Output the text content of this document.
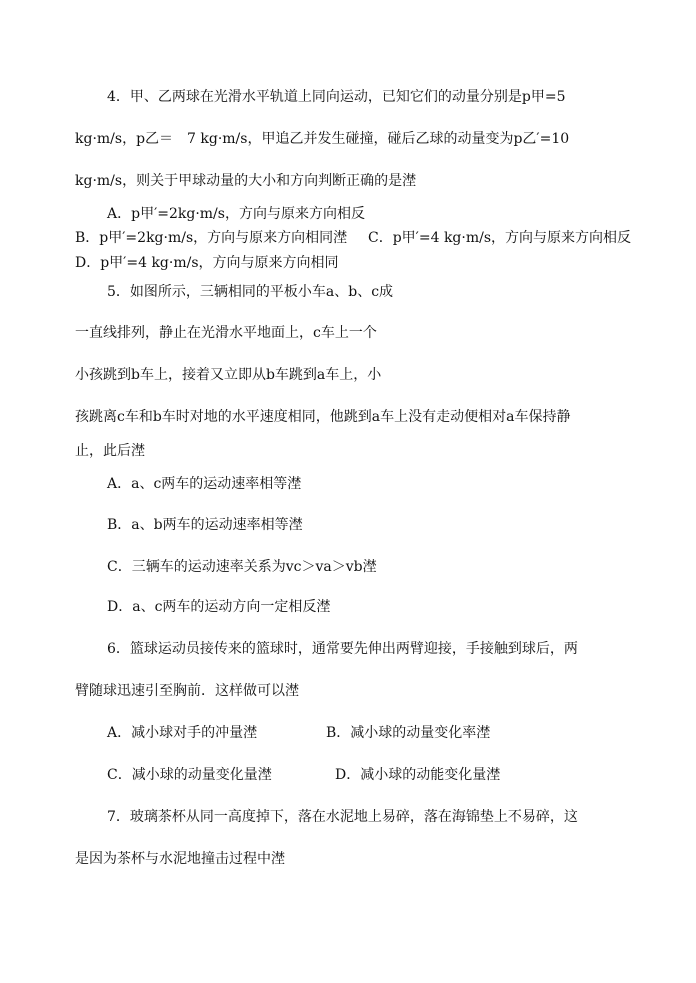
4．甲、乙两球在光滑水平轨道上同向运动，已知它们的动量分别是p甲=5
kg·m/s，p乙＝　7 kg·m/s，甲追乙并发生碰撞，碰后乙球的动量变为p乙′=10
kg·m/s，则关于甲球动量的大小和方向判断正确的是漜
A．p甲′=2kg·m/s，方向与原来方向相反
B．p甲′=2kg·m/s，方向与原来方向相同漜 C．p甲′=4 kg·m/s，方向与原来方向相反
D．p甲′=4 kg·m/s，方向与原来方向相同
5．如图所示，三辆相同的平板小车a、b、c成
一直线排列，静止在光滑水平地面上，c车上一个
小孩跳到b车上，接着又立即从b车跳到a车上，小
孩跳离c车和b车时对地的水平速度相同，他跳到a车上没有走动便相对a车保持静
止，此后漜
A．a、c两车的运动速率相等漜
B．a、b两车的运动速率相等漜
C．三辆车的运动速率关系为vc＞va＞vb漜
D．a、c两车的运动方向一定相反漜
6．篮球运动员接传来的篮球时，通常要先伸出两臂迎接，手接触到球后，两
臂随球迅速引至胸前．这样做可以漜
A．减小球对手的冲量漜	B．减小球的动量变化率漜
C．减小球的动量变化量漜	D．减小球的动能变化量漜
7．玻璃茶杯从同一高度掉下，落在水泥地上易碎，落在海锦垫上不易碎，这
是因为茶杯与水泥地撞击过程中漜
